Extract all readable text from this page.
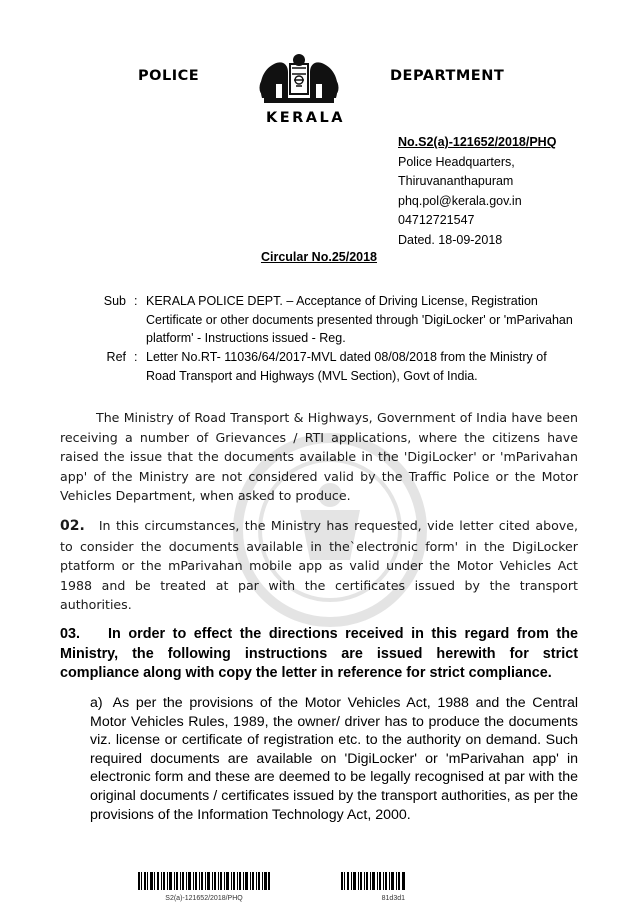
POLICE	DEPARTMENT
KERALA
No.S2(a)-121652/2018/PHQ
Police Headquarters,
Thiruvananthapuram
phq.pol@kerala.gov.in
04712721547
Dated. 18-09-2018
Circular No.25/2018
Sub : KERALA POLICE DEPT. – Acceptance of Driving License, Registration Certificate or other documents presented through 'DigiLocker' or 'mParivahan platform' - Instructions issued - Reg.
Ref : Letter No.RT- 11036/64/2017-MVL dated 08/08/2018 from the Ministry of Road Transport and Highways (MVL Section), Govt of India.

The Ministry of Road Transport & Highways, Government of India have been receiving a number of Grievances / RTI applications, where the citizens have raised the issue that the documents available in the 'DigiLocker' or 'mParivahan app' of the Ministry are not considered valid by the Traffic Police or the Motor Vehicles Department, when asked to produce.

02. In this circumstances, the Ministry has requested, vide letter cited above, to consider the documents available in the`electronic form' in the DigiLocker ptatform or the mParivahan mobile app as valid under the Motor Vehicles Act 1988 and be treated at par with the certificates issued by the transport authorities.

03. In order to effect the directions received in this regard from the Ministry, the following instructions are issued herewith for strict compliance along with copy the letter in reference for strict compliance.
a) As per the provisions of the Motor Vehicles Act, 1988 and the Central Motor Vehicles Rules, 1989, the owner/ driver has to produce the documents viz. license or certificate of registration etc. to the authority on demand. Such required documents are available on 'DigiLocker' or 'mParivahan app' in electronic form and these are deemed to be legally recognised at par with the original documents / certificates issued by the transport authorities, as per the provisions of the Information Technology Act, 2000.
S2(a)-121652/2018/PHQ	81d3d1
